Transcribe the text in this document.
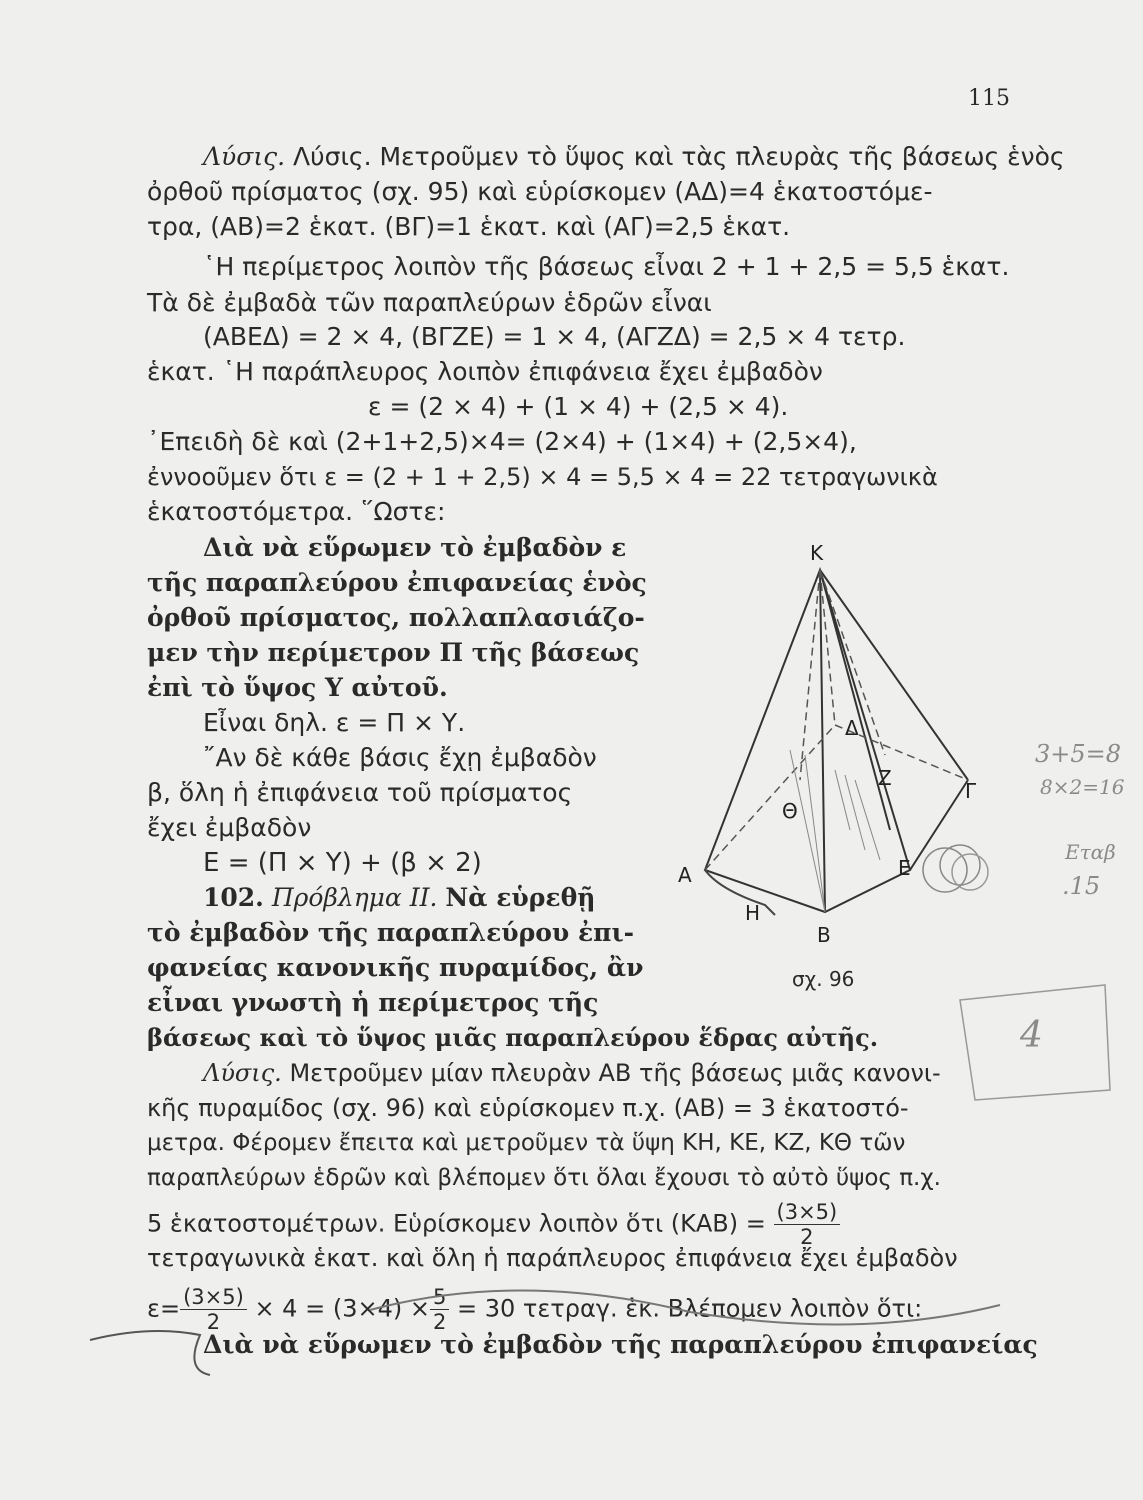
115
Λύσις. Λύσις. Μετροῦμεν τὸ ὕψος καὶ τὰς πλευρὰς τῆς βάσεως ἑνὸς
ὀρθοῦ πρίσματος (σχ. 95) καὶ εὑρίσκομεν (ΑΔ)=4 ἑκατοστόμε-
τρα, (ΑΒ)=2 ἑκατ. (ΒΓ)=1 ἑκατ. καὶ (ΑΓ)=2,5 ἑκατ.
῾Η περίμετρος λοιπὸν τῆς βάσεως εἶναι 2 + 1 + 2,5 = 5,5 ἑκατ.
Τὰ δὲ ἐμβαδὰ τῶν παραπλεύρων ἑδρῶν εἶναι
(ΑΒΕΔ) = 2 × 4, (ΒΓΖΕ) = 1 × 4, (ΑΓΖΔ) = 2,5 × 4 τετρ.
ἑκατ. ῾Η παράπλευρος λοιπὸν ἐπιφάνεια ἔχει ἐμβαδὸν
ε = (2 × 4) + (1 × 4) + (2,5 × 4).
᾿Επειδὴ δὲ καὶ (2+1+2,5)×4= (2×4) + (1×4) + (2,5×4),
ἐννοοῦμεν ὅτι ε = (2 + 1 + 2,5) × 4 = 5,5 × 4 = 22 τετραγωνικὰ
ἑκατοστόμετρα. ῞Ωστε:
Διὰ νὰ εὕρωμεν τὸ ἐμβαδὸν ε
τῆς παραπλεύρου ἐπιφανείας ἑνὸς
ὀρθοῦ πρίσματος, πολλαπλασιάζο-
μεν τὴν περίμετρον Π τῆς βάσεως
ἐπὶ τὸ ὕψος Υ αὐτοῦ.
Εἶναι δηλ. ε = Π × Υ.
῎Αν δὲ κάθε βάσις ἔχῃ ἐμβαδὸν
β, ὅλη ἡ ἐπιφάνεια τοῦ πρίσματος
ἔχει ἐμβαδὸν
Ε = (Π × Υ) + (β × 2)
102. Πρόβλημα ΙΙ. Νὰ εὑρεθῇ
τὸ ἐμβαδὸν τῆς παραπλεύρου ἐπι-
φανείας κανονικῆς πυραμίδος, ἂν
εἶναι γνωστὴ ἡ περίμετρος τῆς
βάσεως καὶ τὸ ὕψος μιᾶς παραπλεύρου ἕδρας αὐτῆς.
Λύσις. Μετροῦμεν μίαν πλευρὰν ΑΒ τῆς βάσεως μιᾶς κανονι-
κῆς πυραμίδος (σχ. 96) καὶ εὑρίσκομεν π.χ. (ΑΒ) = 3 ἑκατοστό-
μετρα. Φέρομεν ἔπειτα καὶ μετροῦμεν τὰ ὕψη ΚΗ, ΚΕ, ΚΖ, ΚΘ τῶν
παραπλεύρων ἑδρῶν καὶ βλέπομεν ὅτι ὅλαι ἔχουσι τὸ αὐτὸ ὕψος π.χ.
5 ἑκατοστομέτρων. Εὑρίσκομεν λοιπὸν ὅτι $(KAB) = \frac{(3\times 5)}{2}$
τετραγωνικὰ ἑκατ. καὶ ὅλη ἡ παράπλευρος ἐπιφάνεια ἔχει ἐμβαδὸν
$\varepsilon= \frac{(3\times 5)}{2} \times 4 = (3\times 4) \times \frac{5}{2} = 30$ τετραγ. ἑκ. Βλέπομεν λοιπὸν ὅτι:
Διὰ νὰ εὕρωμεν τὸ ἐμβαδὸν τῆς παραπλεύρου ἐπιφανείας
Κ
Δ
Ζ
Γ
Θ
Ε
Α
Η
Β
σχ. 96
3+5=8
8×2=16
Εταβ
.15
4
